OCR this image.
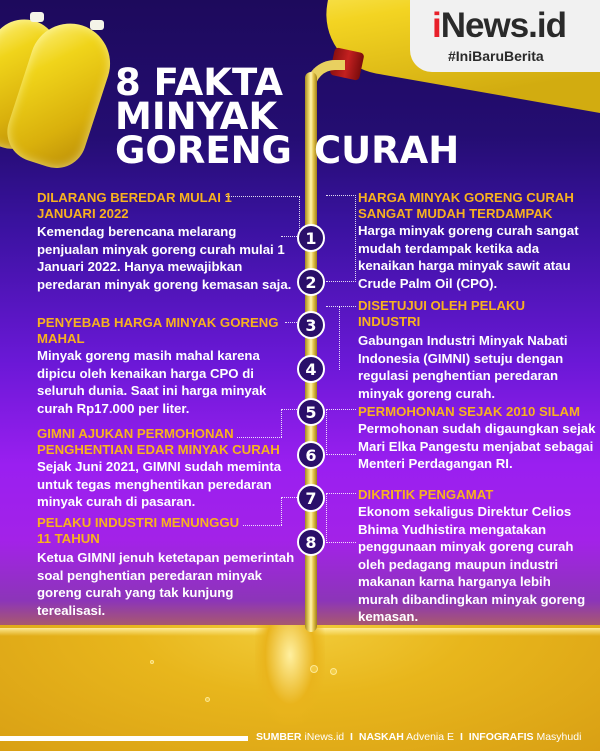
iNews.id
#IniBaruBerita
8 FAKTA
MINYAK
GORENG CURAH
1
2
3
4
5
6
7
8
DILARANG BEREDAR MULAI 1 JANUARI 2022

Kemendag berencana melarang penjualan minyak goreng curah mulai 1 Januari 2022. Hanya mewajibkan peredaran minyak goreng kemasan saja.

PENYEBAB HARGA MINYAK GORENG MAHAL

Minyak goreng masih mahal karena dipicu oleh kenaikan harga CPO di seluruh dunia. Saat ini harga minyak curah Rp17.000 per liter.

GIMNI AJUKAN PERMOHONAN PENGHENTIAN EDAR MINYAK CURAH

Sejak Juni 2021, GIMNI sudah meminta untuk tegas menghentikan peredaran minyak curah di pasaran.

PELAKU INDUSTRI MENUNGGU 11 TAHUN

Ketua GIMNI jenuh ketetapan pemerintah soal penghentian peredaran minyak goreng curah yang tak kunjung terealisasi.

HARGA MINYAK GORENG CURAH SANGAT MUDAH TERDAMPAK

Harga minyak goreng curah sangat mudah terdampak ketika ada kenaikan harga minyak sawit atau Crude Palm Oil (CPO).

DISETUJUI OLEH PELAKU INDUSTRI

Gabungan Industri Minyak Nabati Indonesia (GIMNI) setuju dengan regulasi penghentian peredaran minyak goreng curah.

PERMOHONAN SEJAK 2010 SILAM

Permohonan sudah digaungkan sejak Mari Elka Pangestu menjabat sebagai Menteri Perdagangan RI.

DIKRITIK PENGAMAT

Ekonom sekaligus Direktur Celios Bhima Yudhistira mengatakan penggunaan minyak goreng curah oleh pedagang maupun industri makanan karna harganya lebih murah dibandingkan minyak goreng kemasan.

SUMBER iNews.id I NASKAH Advenia E I INFOGRAFIS Masyhudi
